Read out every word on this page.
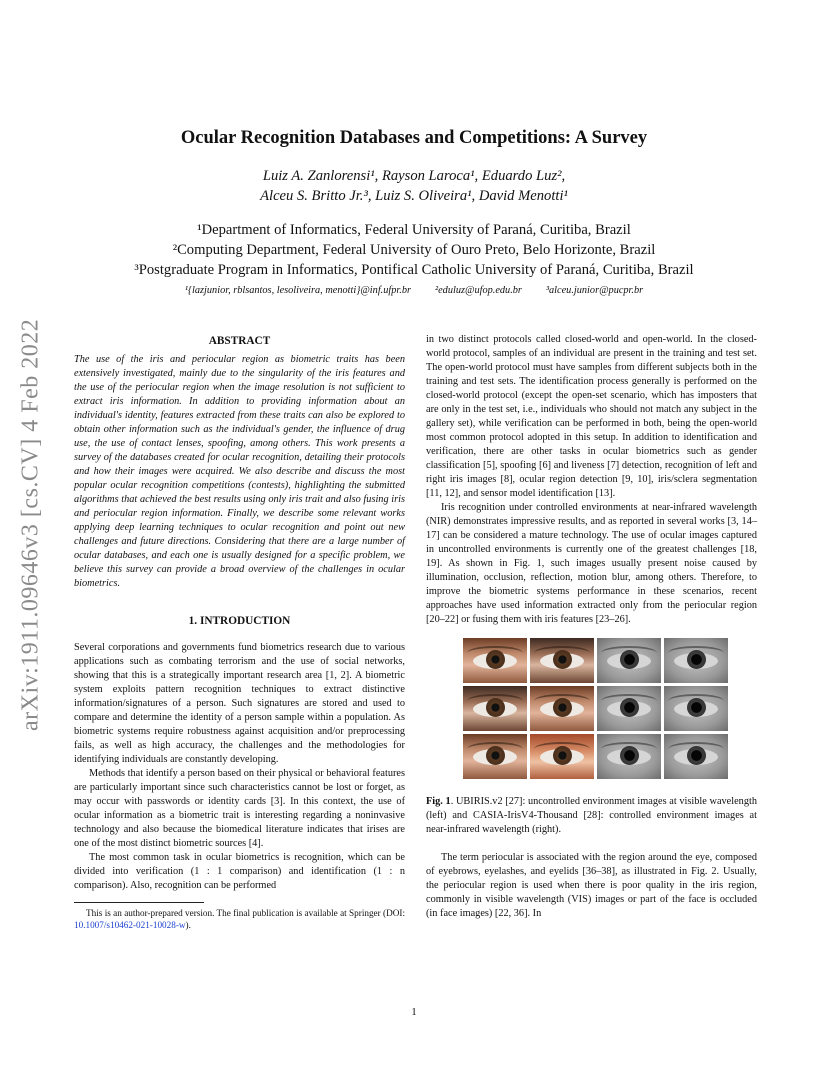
arXiv:1911.09646v3 [cs.CV] 4 Feb 2022
Ocular Recognition Databases and Competitions: A Survey
Luiz A. Zanlorensi¹, Rayson Laroca¹, Eduardo Luz²,
Alceu S. Britto Jr.³, Luiz S. Oliveira¹, David Menotti¹
¹Department of Informatics, Federal University of Paraná, Curitiba, Brazil
²Computing Department, Federal University of Ouro Preto, Belo Horizonte, Brazil
³Postgraduate Program in Informatics, Pontifical Catholic University of Paraná, Curitiba, Brazil
¹{lazjunior, rblsantos, lesoliveira, menotti}@inf.ufpr.br ²eduluz@ufop.edu.br ³alceu.junior@pucpr.br

ABSTRACT

The use of the iris and periocular region as biometric traits has been extensively investigated, mainly due to the singularity of the iris features and the use of the periocular region when the image resolution is not sufficient to extract iris information. In addition to providing information about an individual's identity, features extracted from these traits can also be explored to obtain other information such as the individual's gender, the influence of drug use, the use of contact lenses, spoofing, among others. This work presents a survey of the databases created for ocular recognition, detailing their protocols and how their images were acquired. We also describe and discuss the most popular ocular recognition competitions (contests), highlighting the submitted algorithms that achieved the best results using only iris trait and also fusing iris and periocular region information. Finally, we describe some relevant works applying deep learning techniques to ocular recognition and point out new challenges and future directions. Considering that there are a large number of ocular databases, and each one is usually designed for a specific problem, we believe this survey can provide a broad overview of the challenges in ocular biometrics.

1. INTRODUCTION

Several corporations and governments fund biometrics research due to various applications such as combating terrorism and the use of social networks, showing that this is a strategically important research area [1, 2]. A biometric system exploits pattern recognition techniques to extract distinctive information/signatures of a person. Such signatures are stored and used to compare and determine the identity of a person sample within a population. As biometric systems require robustness against acquisition and/or preprocessing fails, as well as high accuracy, the challenges and the methodologies for identifying individuals are constantly developing.

Methods that identify a person based on their physical or behavioral features are particularly important since such characteristics cannot be lost or forget, as may occur with passwords or identity cards [3]. In this context, the use of ocular information as a biometric trait is interesting regarding a noninvasive technology and also because the biomedical literature indicates that irises are one of the most distinct biometric sources [4].

The most common task in ocular biometrics is recognition, which can be divided into verification (1 : 1 comparison) and identification (1 : n comparison). Also, recognition can be performed

This is an author-prepared version. The final publication is available at Springer (DOI: 10.1007/s10462-021-10028-w).

in two distinct protocols called closed-world and open-world. In the closed-world protocol, samples of an individual are present in the training and test set. The open-world protocol must have samples from different subjects both in the training and test sets. The identification process generally is performed on the closed-world protocol (except the open-set scenario, which has imposters that are only in the test set, i.e., individuals who should not match any subject in the gallery set), while verification can be performed in both, being the open-world most common protocol adopted in this setup. In addition to identification and verification, there are other tasks in ocular biometrics such as gender classification [5], spoofing [6] and liveness [7] detection, recognition of left and right iris images [8], ocular region detection [9, 10], iris/sclera segmentation [11, 12], and sensor model identification [13].

Iris recognition under controlled environments at near-infrared wavelength (NIR) demonstrates impressive results, and as reported in several works [3, 14–17] can be considered a mature technology. The use of ocular images captured in uncontrolled environments is currently one of the greatest challenges [18, 19]. As shown in Fig. 1, such images usually present noise caused by illumination, occlusion, reflection, motion blur, among others. Therefore, to improve the biometric systems performance in these scenarios, recent approaches have used information extracted only from the periocular region [20–22] or fusing them with iris features [23–26].

Fig. 1. UBIRIS.v2 [27]: uncontrolled environment images at visible wavelength (left) and CASIA-IrisV4-Thousand [28]: controlled environment images at near-infrared wavelength (right).

The term periocular is associated with the region around the eye, composed of eyebrows, eyelashes, and eyelids [36–38], as illustrated in Fig. 2. Usually, the periocular region is used when there is poor quality in the iris region, commonly in visible wavelength (VIS) images or part of the face is occluded (in face images) [22, 36]. In

1
